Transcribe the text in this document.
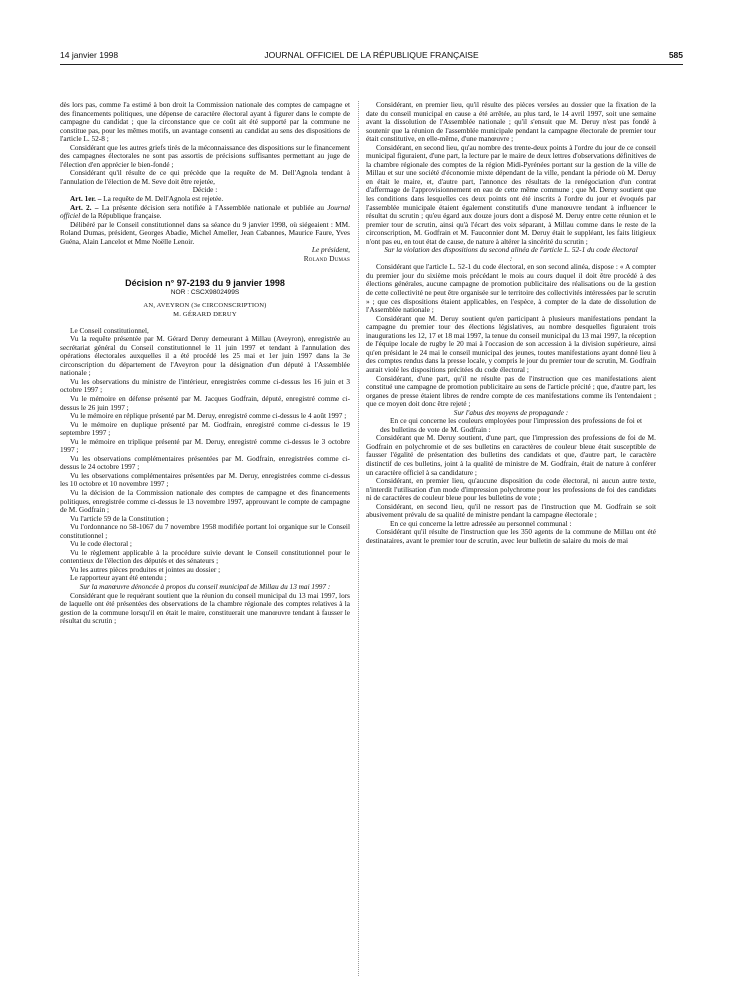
14 janvier 1998	JOURNAL OFFICIEL DE LA RÉPUBLIQUE FRANÇAISE	585

dès lors pas, comme l'a estimé à bon droit la Commission nationale des comptes de campagne et des financements politiques, une dépense de caractère électoral ayant à figurer dans le compte de campagne du candidat ; que la circonstance que ce coût ait été supporté par la commune ne constitue pas, pour les mêmes motifs, un avantage consenti au candidat au sens des dispositions de l'article L. 52-8 ;

Considérant que les autres griefs tirés de la méconnaissance des dispositions sur le financement des campagnes électorales ne sont pas assortis de précisions suffisantes permettant au juge de l'élection d'en apprécier le bien-fondé ;

Considérant qu'il résulte de ce qui précède que la requête de M. Dell'Agnola tendant à l'annulation de l'élection de M. Seve doit être rejetée,

Décide :

Art. 1er. – La requête de M. Dell'Agnola est rejetée.

Art. 2. – La présente décision sera notifiée à l'Assemblée nationale et publiée au Journal officiel de la République française.

Délibéré par le Conseil constitutionnel dans sa séance du 9 janvier 1998, où siégeaient : MM. Roland Dumas, président, Georges Abadie, Michel Ameller, Jean Cabannes, Maurice Faure, Yves Guéna, Alain Lancelot et Mme Noëlle Lenoir.

Le président,

Roland Dumas

Décision n° 97-2193 du 9 janvier 1998

NOR : CSCX9802499S

AN, AVEYRON (3e CIRCONSCRIPTION)

M. GÉRARD DERUY

Le Conseil constitutionnel,

Vu la requête présentée par M. Gérard Deruy demeurant à Millau (Aveyron), enregistrée au secrétariat général du Conseil constitutionnel le 11 juin 1997 et tendant à l'annulation des opérations électorales auxquelles il a été procédé les 25 mai et 1er juin 1997 dans la 3e circonscription du département de l'Aveyron pour la désignation d'un député à l'Assemblée nationale ;

Vu les observations du ministre de l'intérieur, enregistrées comme ci-dessus les 16 juin et 3 octobre 1997 ;

Vu le mémoire en défense présenté par M. Jacques Godfrain, député, enregistré comme ci-dessus le 26 juin 1997 ;

Vu le mémoire en réplique présenté par M. Deruy, enregistré comme ci-dessus le 4 août 1997 ;

Vu le mémoire en duplique présenté par M. Godfrain, enregistré comme ci-dessus le 19 septembre 1997 ;

Vu le mémoire en triplique présenté par M. Deruy, enregistré comme ci-dessus le 3 octobre 1997 ;

Vu les observations complémentaires présentées par M. Godfrain, enregistrées comme ci-dessus le 24 octobre 1997 ;

Vu les observations complémentaires présentées par M. Deruy, enregistrées comme ci-dessus les 10 octobre et 10 novembre 1997 ;

Vu la décision de la Commission nationale des comptes de campagne et des financements politiques, enregistrée comme ci-dessus le 13 novembre 1997, approuvant le compte de campagne de M. Godfrain ;

Vu l'article 59 de la Constitution ;

Vu l'ordonnance no 58-1067 du 7 novembre 1958 modifiée portant loi organique sur le Conseil constitutionnel ;

Vu le code électoral ;

Vu le règlement applicable à la procédure suivie devant le Conseil constitutionnel pour le contentieux de l'élection des députés et des sénateurs ;

Vu les autres pièces produites et jointes au dossier ;

Le rapporteur ayant été entendu ;

Sur la manœuvre dénoncée à propos du conseil municipal de Millau du 13 mai 1997 :

Considérant que le requérant soutient que la réunion du conseil municipal du 13 mai 1997, lors de laquelle ont été présentées des observations de la chambre régionale des comptes relatives à la gestion de la commune lorsqu'il en était le maire, constituerait une manœuvre tendant à fausser le résultat du scrutin ;

Considérant, en premier lieu, qu'il résulte des pièces versées au dossier que la fixation de la date du conseil municipal en cause a été arrêtée, au plus tard, le 14 avril 1997, soit une semaine avant la dissolution de l'Assemblée nationale ; qu'il s'ensuit que M. Deruy n'est pas fondé à soutenir que la réunion de l'assemblée municipale pendant la campagne électorale de premier tour était constitutive, en elle-même, d'une manœuvre ;

Considérant, en second lieu, qu'au nombre des trente-deux points à l'ordre du jour de ce conseil municipal figuraient, d'une part, la lecture par le maire de deux lettres d'observations définitives de la chambre régionale des comptes de la région Midi-Pyrénées portant sur la gestion de la ville de Millau et sur une société d'économie mixte dépendant de la ville, pendant la période où M. Deruy en était le maire, et, d'autre part, l'annonce des résultats de la renégociation d'un contrat d'affermage de l'approvisionnement en eau de cette même commune ; que M. Deruy soutient que les conditions dans lesquelles ces deux points ont été inscrits à l'ordre du jour et évoqués par l'assemblée municipale étaient également constitutifs d'une manœuvre tendant à influencer le résultat du scrutin ; qu'eu égard aux douze jours dont a disposé M. Deruy entre cette réunion et le premier tour de scrutin, ainsi qu'à l'écart des voix séparant, à Millau comme dans le reste de la circonscription, M. Godfrain et M. Fauconnier dont M. Deruy était le suppléant, les faits litigieux n'ont pas eu, en tout état de cause, de nature à altérer la sincérité du scrutin ;

Sur la violation des dispositions du second alinéa de l'article L. 52-1 du code électoral :

Considérant que l'article L. 52-1 du code électoral, en son second alinéa, dispose : « A compter du premier jour du sixième mois précédant le mois au cours duquel il doit être procédé à des élections générales, aucune campagne de promotion publicitaire des réalisations ou de la gestion de cette collectivité ne peut être organisée sur le territoire des collectivités intéressées par le scrutin » ; que ces dispositions étaient applicables, en l'espèce, à compter de la date de dissolution de l'Assemblée nationale ;

Considérant que M. Deruy soutient qu'en participant à plusieurs manifestations pendant la campagne du premier tour des élections législatives, au nombre desquelles figuraient trois inaugurations les 12, 17 et 18 mai 1997, la tenue du conseil municipal du 13 mai 1997, la réception de l'équipe locale de rugby le 20 mai à l'occasion de son accession à la division supérieure, ainsi qu'en présidant le 24 mai le conseil municipal des jeunes, toutes manifestations ayant donné lieu à des comptes rendus dans la presse locale, y compris le jour du premier tour de scrutin, M. Godfrain aurait violé les dispositions précitées du code électoral ;

Considérant, d'une part, qu'il ne résulte pas de l'instruction que ces manifestations aient constitué une campagne de promotion publicitaire au sens de l'article précité ; que, d'autre part, les organes de presse étaient libres de rendre compte de ces manifestations comme ils l'entendaient ; que ce moyen doit donc être rejeté ;

Sur l'abus des moyens de propagande :

En ce qui concerne les couleurs employées pour l'impression des professions de foi et des bulletins de vote de M. Godfrain :

Considérant que M. Deruy soutient, d'une part, que l'impression des professions de foi de M. Godfrain en polychromie et de ses bulletins en caractères de couleur bleue était susceptible de fausser l'égalité de présentation des bulletins des candidats et que, d'autre part, le caractère distinctif de ces bulletins, joint à la qualité de ministre de M. Godfrain, était de nature à conférer un caractère officiel à sa candidature ;

Considérant, en premier lieu, qu'aucune disposition du code électoral, ni aucun autre texte, n'interdit l'utilisation d'un mode d'impression polychrome pour les professions de foi des candidats ni de caractères de couleur bleue pour les bulletins de vote ;

Considérant, en second lieu, qu'il ne ressort pas de l'instruction que M. Godfrain se soit abusivement prévalu de sa qualité de ministre pendant la campagne électorale ;

En ce qui concerne la lettre adressée au personnel communal :

Considérant qu'il résulte de l'instruction que les 350 agents de la commune de Millau ont été destinataires, avant le premier tour de scrutin, avec leur bulletin de salaire du mois de mai
